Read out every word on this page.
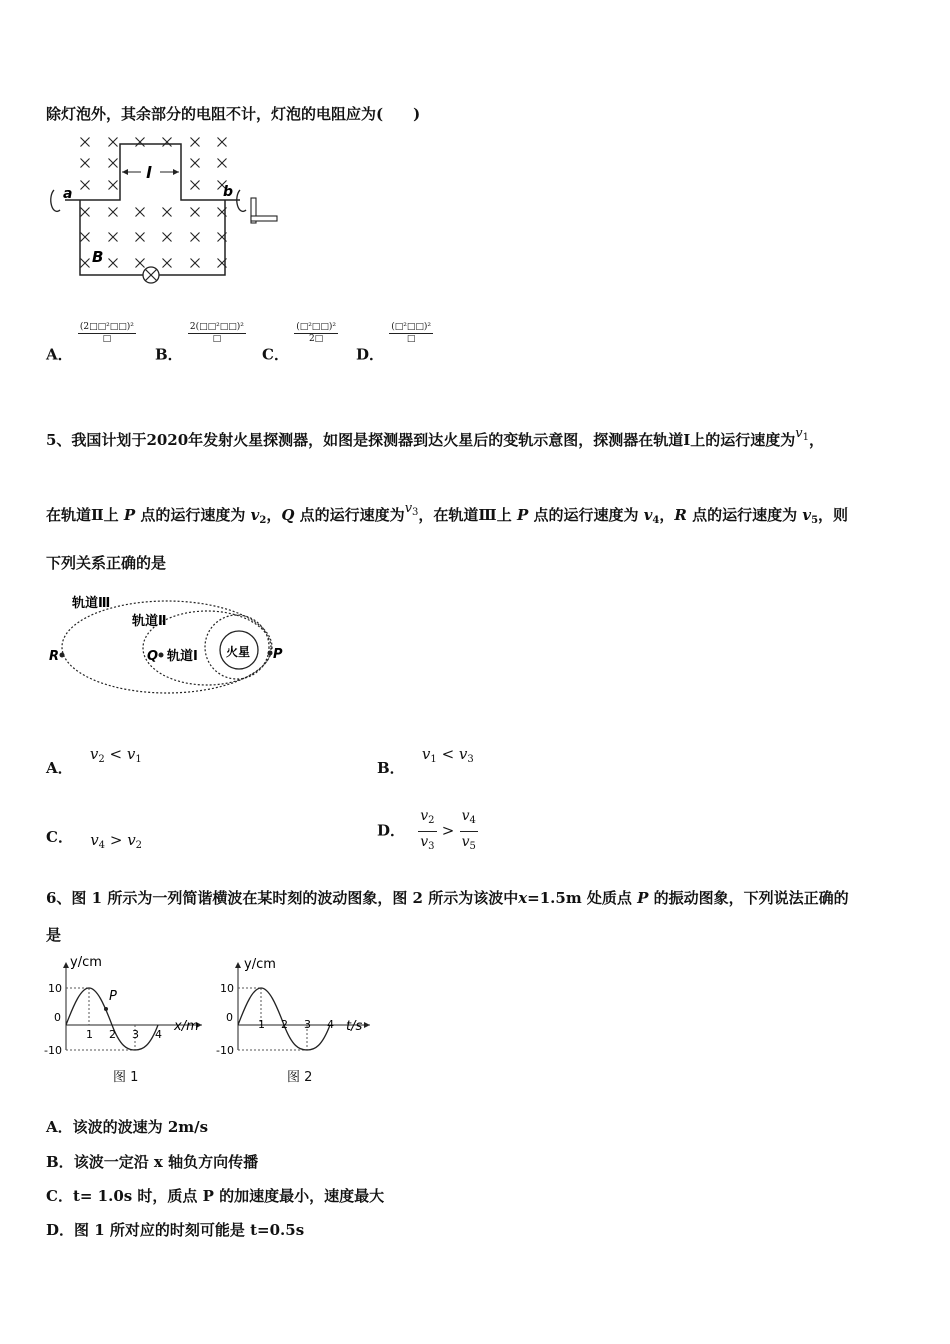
除灯泡外，其余部分的电阻不计，灯泡的电阻应为(　　)
a	b
l
B
A．
$\frac{\text{(2□□²□□)²}}{□}$
B．
$\frac{\text{2(□□²□□)²}}{□}$
C．
$\frac{\text{(□²□□)²}}{2□}$
D．
$\frac{\text{(□²□□)²}}{□}$
5、我国计划于2020年发射火星探测器，如图是探测器到达火星后的变轨示意图，探测器在轨道Ⅰ上的运行速度为$v_1$，
在轨道Ⅱ上 P 点的运行速度为 $v_2$，Q 点的运行速度为$v_3$，在轨道Ⅲ上 P 点的运行速度为 $v_4$，R 点的运行速度为 $v_5$，则
下列关系正确的是
轨道Ⅲ
轨道Ⅱ
轨道Ⅰ 火星
R	Q	P
A． $v_2 < v_1$	B． $v_1 < v_3$
C． $v_4 > v_2$
D． $\frac{v_2}{v_3} > \frac{v_4}{v_5}$
6、图 1 所示为一列简谐横波在某时刻的波动图象，图 2 所示为该波中x=1.5m 处质点 P 的振动图象，下列说法正确的
是
P
y/cm
x/m
10
0
-10
1 2 3 4
图 1
y/cm
t/s
10
0
-10
1 2 3 4
图 2
A．该波的波速为 2m/s
B．该波一定沿 x 轴负方向传播
C．t= 1.0s 时，质点 P 的加速度最小，速度最大
D．图 1 所对应的时刻可能是 t=0.5s
